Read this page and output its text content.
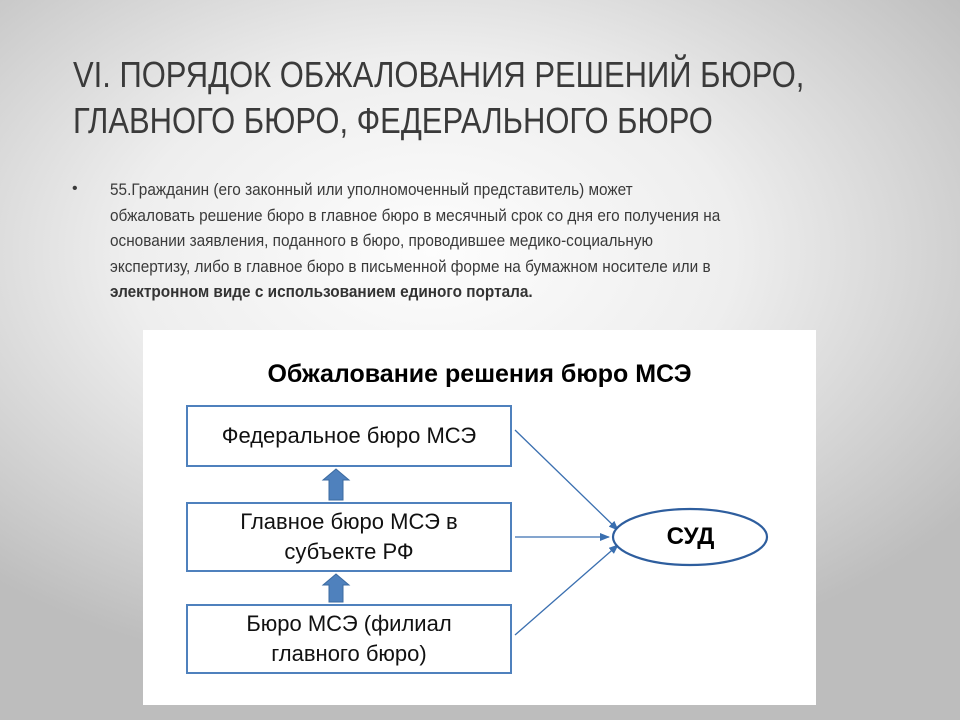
VI. ПОРЯДОК ОБЖАЛОВАНИЯ РЕШЕНИЙ БЮРО,
ГЛАВНОГО БЮРО, ФЕДЕРАЛЬНОГО БЮРО
• 55.Гражданин (его законный или уполномоченный представитель) может
обжаловать решение бюро в главное бюро в месячный срок со дня его получения на
основании заявления, поданного в бюро, проводившее медико-социальную
экспертизу, либо в главное бюро в письменной форме на бумажном носителе или в
электронном виде с использованием единого портала.
Обжалование решения бюро МСЭ
Федеральное бюро МСЭ
Главное бюро МСЭ в
субъекте РФ
Бюро МСЭ (филиал
главного бюро)
СУД
